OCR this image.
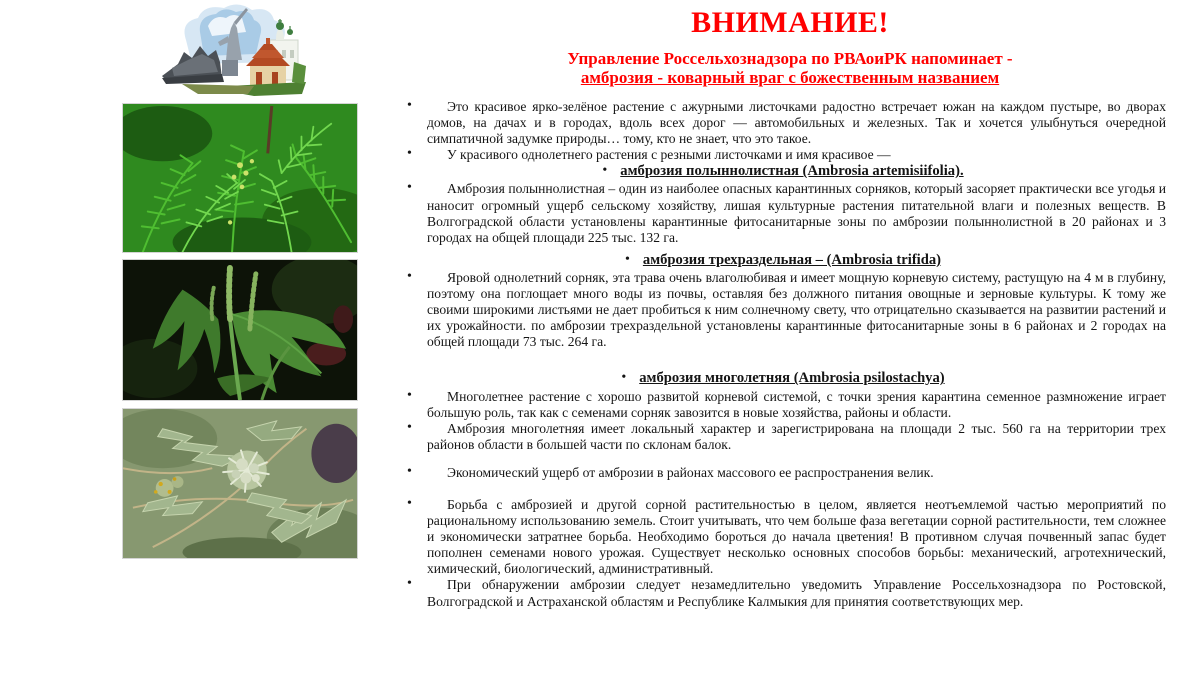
ВНИМАНИЕ!
Управление Россельхознадзора по РВАоиРК напоминает -
амброзия - коварный враг с божественным названием
•	Это красивое ярко-зелёное растение с ажурными листочками радостно встречает южан на каждом пустыре, во дворах домов, на дачах и в городах, вдоль всех дорог — автомобильных и железных. Так и хочется улыбнуться очередной симпатичной задумке природы… тому, кто не знает, что это такое.
•	У красивого однолетнего растения с резными листочками и имя красивое —
• амброзия полыннолистная (Ambrosia artemisiifolia).
•	Амброзия полыннолистная – один из наиболее опасных карантинных сорняков, который засоряет практически все угодья и наносит огромный ущерб сельскому хозяйству, лишая культурные растения питательной влаги и полезных веществ. В Волгоградской области установлены карантинные фитосанитарные зоны по амброзии полыннолистной в 20 районах и 3 городах на общей площади 225 тыс. 132 га.
• амброзия трехраздельная – (Ambrosia trifida)
•	Яровой однолетний сорняк, эта трава очень влаголюбивая и имеет мощную корневую систему, растущую на 4 м в глубину, поэтому она поглощает много воды из почвы, оставляя без должного питания овощные и зерновые культуры. К тому же своими широкими листьями не дает пробиться к ним солнечному свету, что отрицательно сказывается на развитии растений и их урожайности. по амброзии трехраздельной установлены карантинные фитосанитарные зоны в 6 районах и 2 городах на общей площади 73 тыс. 264 га.
• амброзия многолетняя (Ambrosia psilostachya)
•	Многолетнее растение с хорошо развитой корневой системой, с точки зрения карантина семенное размножение играет большую роль, так как с семенами сорняк завозится в новые хозяйства, районы и области.
•	Амброзия многолетняя имеет локальный характер и зарегистрирована на площади 2 тыс. 560 га на территории трех районов области в большей части по склонам балок.
•	Экономический ущерб от амброзии в районах массового ее распространения велик.
•	Борьба с амброзией и другой сорной растительностью в целом, является неотъемлемой частью мероприятий по рациональному использованию земель. Стоит учитывать, что чем больше фаза вегетации сорной растительности, тем сложнее и экономически затратнее борьба. Необходимо бороться до начала цветения! В противном случая почвенный запас будет пополнен семенами нового урожая. Существует несколько основных способов борьбы: механический, агротехнический, химический, биологический, административный.
•	При обнаружении амброзии следует незамедлительно уведомить Управление Россельхознадзора по Ростовской, Волгоградской и Астраханской областям и Республике Калмыкия для принятия соответствующих мер.
